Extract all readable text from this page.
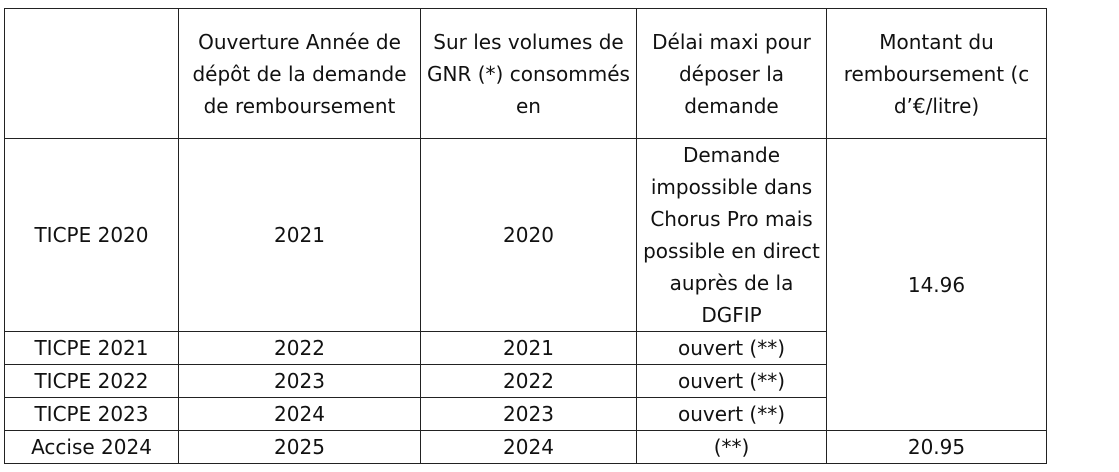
	Ouverture Année de dépôt de la demande de remboursement	Sur les volumes de GNR (*) consommés en	Délai maxi pour déposer la demande	Montant du remboursement (c d’€/litre)
TICPE 2020	2021	2020	Demande impossible dans Chorus Pro mais possible en direct auprès de la DGFIP	14.96
TICPE 2021	2022	2021	ouvert (**)	
TICPE 2022	2023	2022	ouvert (**)	
TICPE 2023	2024	2023	ouvert (**)	
Accise 2024	2025	2024	(**)	20.95
